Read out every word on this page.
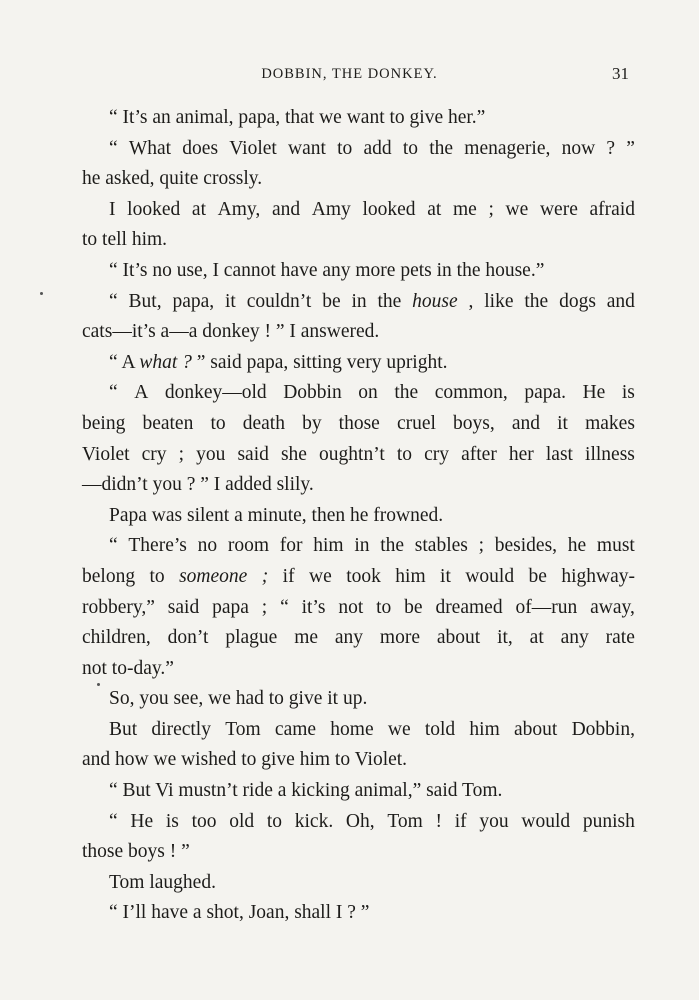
DOBBIN, THE DONKEY.	31
“ It’s an animal, papa, that we want to give her.”
“ What does Violet want to add to the menagerie, now ? ”
he asked, quite crossly.
I looked at Amy, and Amy looked at me ; we were afraid
to tell him.
“ It’s no use, I cannot have any more pets in the house.”
“ But, papa, it couldn’t be in the house , like the dogs and
cats—it’s a—a donkey ! ” I answered.
“ A what ? ” said papa, sitting very upright.
“ A donkey—old Dobbin on the common, papa. He is
being beaten to death by those cruel boys, and it makes
Violet cry ; you said she oughtn’t to cry after her last illness
—didn’t you ? ” I added slily.
Papa was silent a minute, then he frowned.
“ There’s no room for him in the stables ; besides, he must
belong to someone ; if we took him it would be highway-
robbery,” said papa ; “ it’s not to be dreamed of—run away,
children, don’t plague me any more about it, at any rate
not to-day.”
So, you see, we had to give it up.
But directly Tom came home we told him about Dobbin,
and how we wished to give him to Violet.
“ But Vi mustn’t ride a kicking animal,” said Tom.
“ He is too old to kick. Oh, Tom ! if you would punish
those boys ! ”
Tom laughed.
“ I’ll have a shot, Joan, shall I ? ”
